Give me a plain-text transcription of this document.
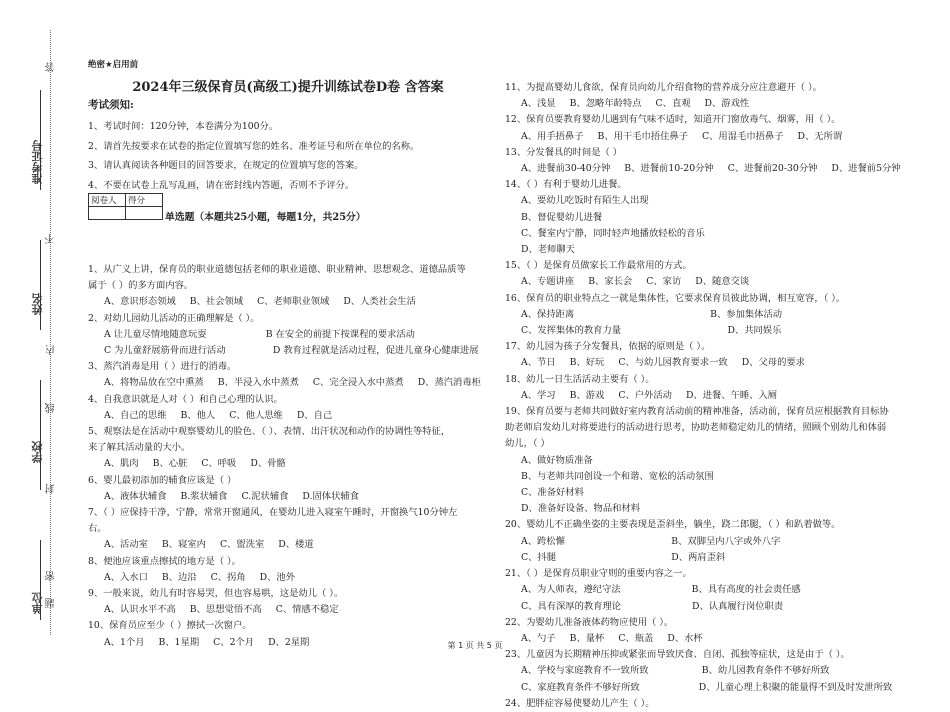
答
准考证号
不
姓名
内
线
学校
封
密
单位 题
绝密★启用前
2024年三级保育员(高级工)提升训练试卷D卷 含答案
考试须知:
1、考试时间：120分钟，本卷满分为100分。
2、请首先按要求在试卷的指定位置填写您的姓名、准考证号和所在单位的名称。
3、请认真阅读各种题目的回答要求，在规定的位置填写您的答案。
4、不要在试卷上乱写乱画，请在密封线内答题，否则不予评分。
阅卷人	得分

单选题（本题共25小题，每题1分，共25分）
1、从广义上讲，保育员的职业道德包括老师的职业道德、职业精神、思想观念、道德品质等
属于（ ）的多方面内容。
A、意识形态领域 B、社会领域 C、老师职业领域 D、人类社会生活
2、对幼儿园幼儿活动的正确理解是（ ）。
A 让儿童尽情地随意玩耍                    B 在安全的前提下按课程的要求活动
C 为儿童舒展筋骨而进行活动                D 教育过程就是活动过程，促进儿童身心健康进展
3、蒸汽消毒是用（ ）进行的消毒。
A、将物品放在空中熏蒸 B、半浸入水中蒸煮 C、完全浸入水中蒸煮 D、蒸汽消毒柜
4、自我意识就是人对（ ）和自己心理的认识。
A、自己的思维 B、他人 C、他人思维 D、自己
5、观察法是在活动中观察婴幼儿的脸色、（ ）、表情、出汗状况和动作的协调性等特征，
来了解其活动量的大小。
A、肌肉 B、心脏 C、呼吸 D、骨骼
6、婴儿最初添加的辅食应该是（ ）
A、液体状辅食 B.浆状辅食 C.泥状辅食 D.固体状辅食
7、（ ）应保持干净，宁静，常常开窗通风，在婴幼儿进入寝室午睡时，开窗换气10分钟左
右。
A、活动室 B、寝室内 C、盥洗室 D、楼道
8、便池应该重点擦拭的地方是（ ）。
A、入水口 B、边沿 C、拐角 D、池外
9、一般来说，幼儿有时容易哭，但也容易哄，这是幼儿（ ）。
A、认识水平不高 B、思想觉悟不高 C、情感不稳定
10、保育员应至少（ ）擦拭一次窗户。
A、1个月 B、1星期 C、2个月 D、2星期
11、为提高婴幼儿食欲，保育员向幼儿介绍食物的营养成分应注意避开（ ）。
A、浅显 B、忽略年龄特点 C、直观 D、游戏性
12、保育员要教育婴幼儿遇到有气味不适时，知道开门窗放毒气、烟雾，用（ ）。
A、用手捂鼻子 B、用干毛巾捂住鼻子 C、用湿毛巾捂鼻子 D、无所谓
13、分发餐具的时间是（ ）
A、进餐前30-40分钟 B、进餐前10-20分钟 C、进餐前20-30分钟 D、进餐前5分钟
14、（ ）有利于婴幼儿进餐。
A、要幼儿吃饭时有陌生人出现
B、督促婴幼儿进餐
C、餐室内宁静，同时轻声地播放轻松的音乐
D、老师聊天
15、（ ）是保育员做家长工作最常用的方式。
A、专题讲座 B、家长会 C、家访 D、随意交谈
16、保育员的职业特点之一就是集体性，它要求保育员彼此协调，相互宽容，（ ）。
A、保持距离                                              B、参加集体活动
C、发挥集体的教育力量                                    D、共同娱乐
17、幼儿园为孩子分发餐具，依据的原则是（ ）。
A、节日 B、好玩 C、与幼儿园教育要求一致 D、父母的要求
18、幼儿一日生活活动主要有（ ）。
A、学习 B、游戏 C、户外活动 D、进餐、午睡、入厕
19、保育员要与老师共同做好室内教育活动前的精神准备，活动前，保育员应根据教育目标协
助老师启发幼儿对将要进行的活动进行思考，协助老师稳定幼儿的情绪，照顾个别幼儿和体弱
幼儿，（ ）
A、做好物质准备
B、与老师共同创设一个和谐、宽松的活动氛围
C、准备好材料
D、准备好设备、物品和材料
20、婴幼儿不正确坐姿的主要表现是歪斜坐，躺坐，跷二郎腿，（ ）和趴着做等。
A、跨松懈                                    B、双脚呈内八字或外八字
C、抖腿                                       D、两肩歪斜
21、（ ）是保育员职业守则的重要内容之一。
A、为人师表，遵纪守法                        B、具有高度的社会责任感
C、具有深厚的教育理论                        D、认真履行岗位职责
22、为婴幼儿准备液体药物应使用（ ）。
A、勺子 B、量杯 C、瓶盖 D、水杯
23、儿童因为长期精神压抑或紧张而导致厌食、自闭、孤独等症状，这是由于（ ）。
A、学校与家庭教育不一致所致                  B、幼儿园教育条件不够好所致
C、家庭教育条件不够好所致                    D、儿童心理上积聚的能量得不到及时发泄所致
24、肥胖症容易使婴幼儿产生（ ）。
第 1 页 共 5 页
